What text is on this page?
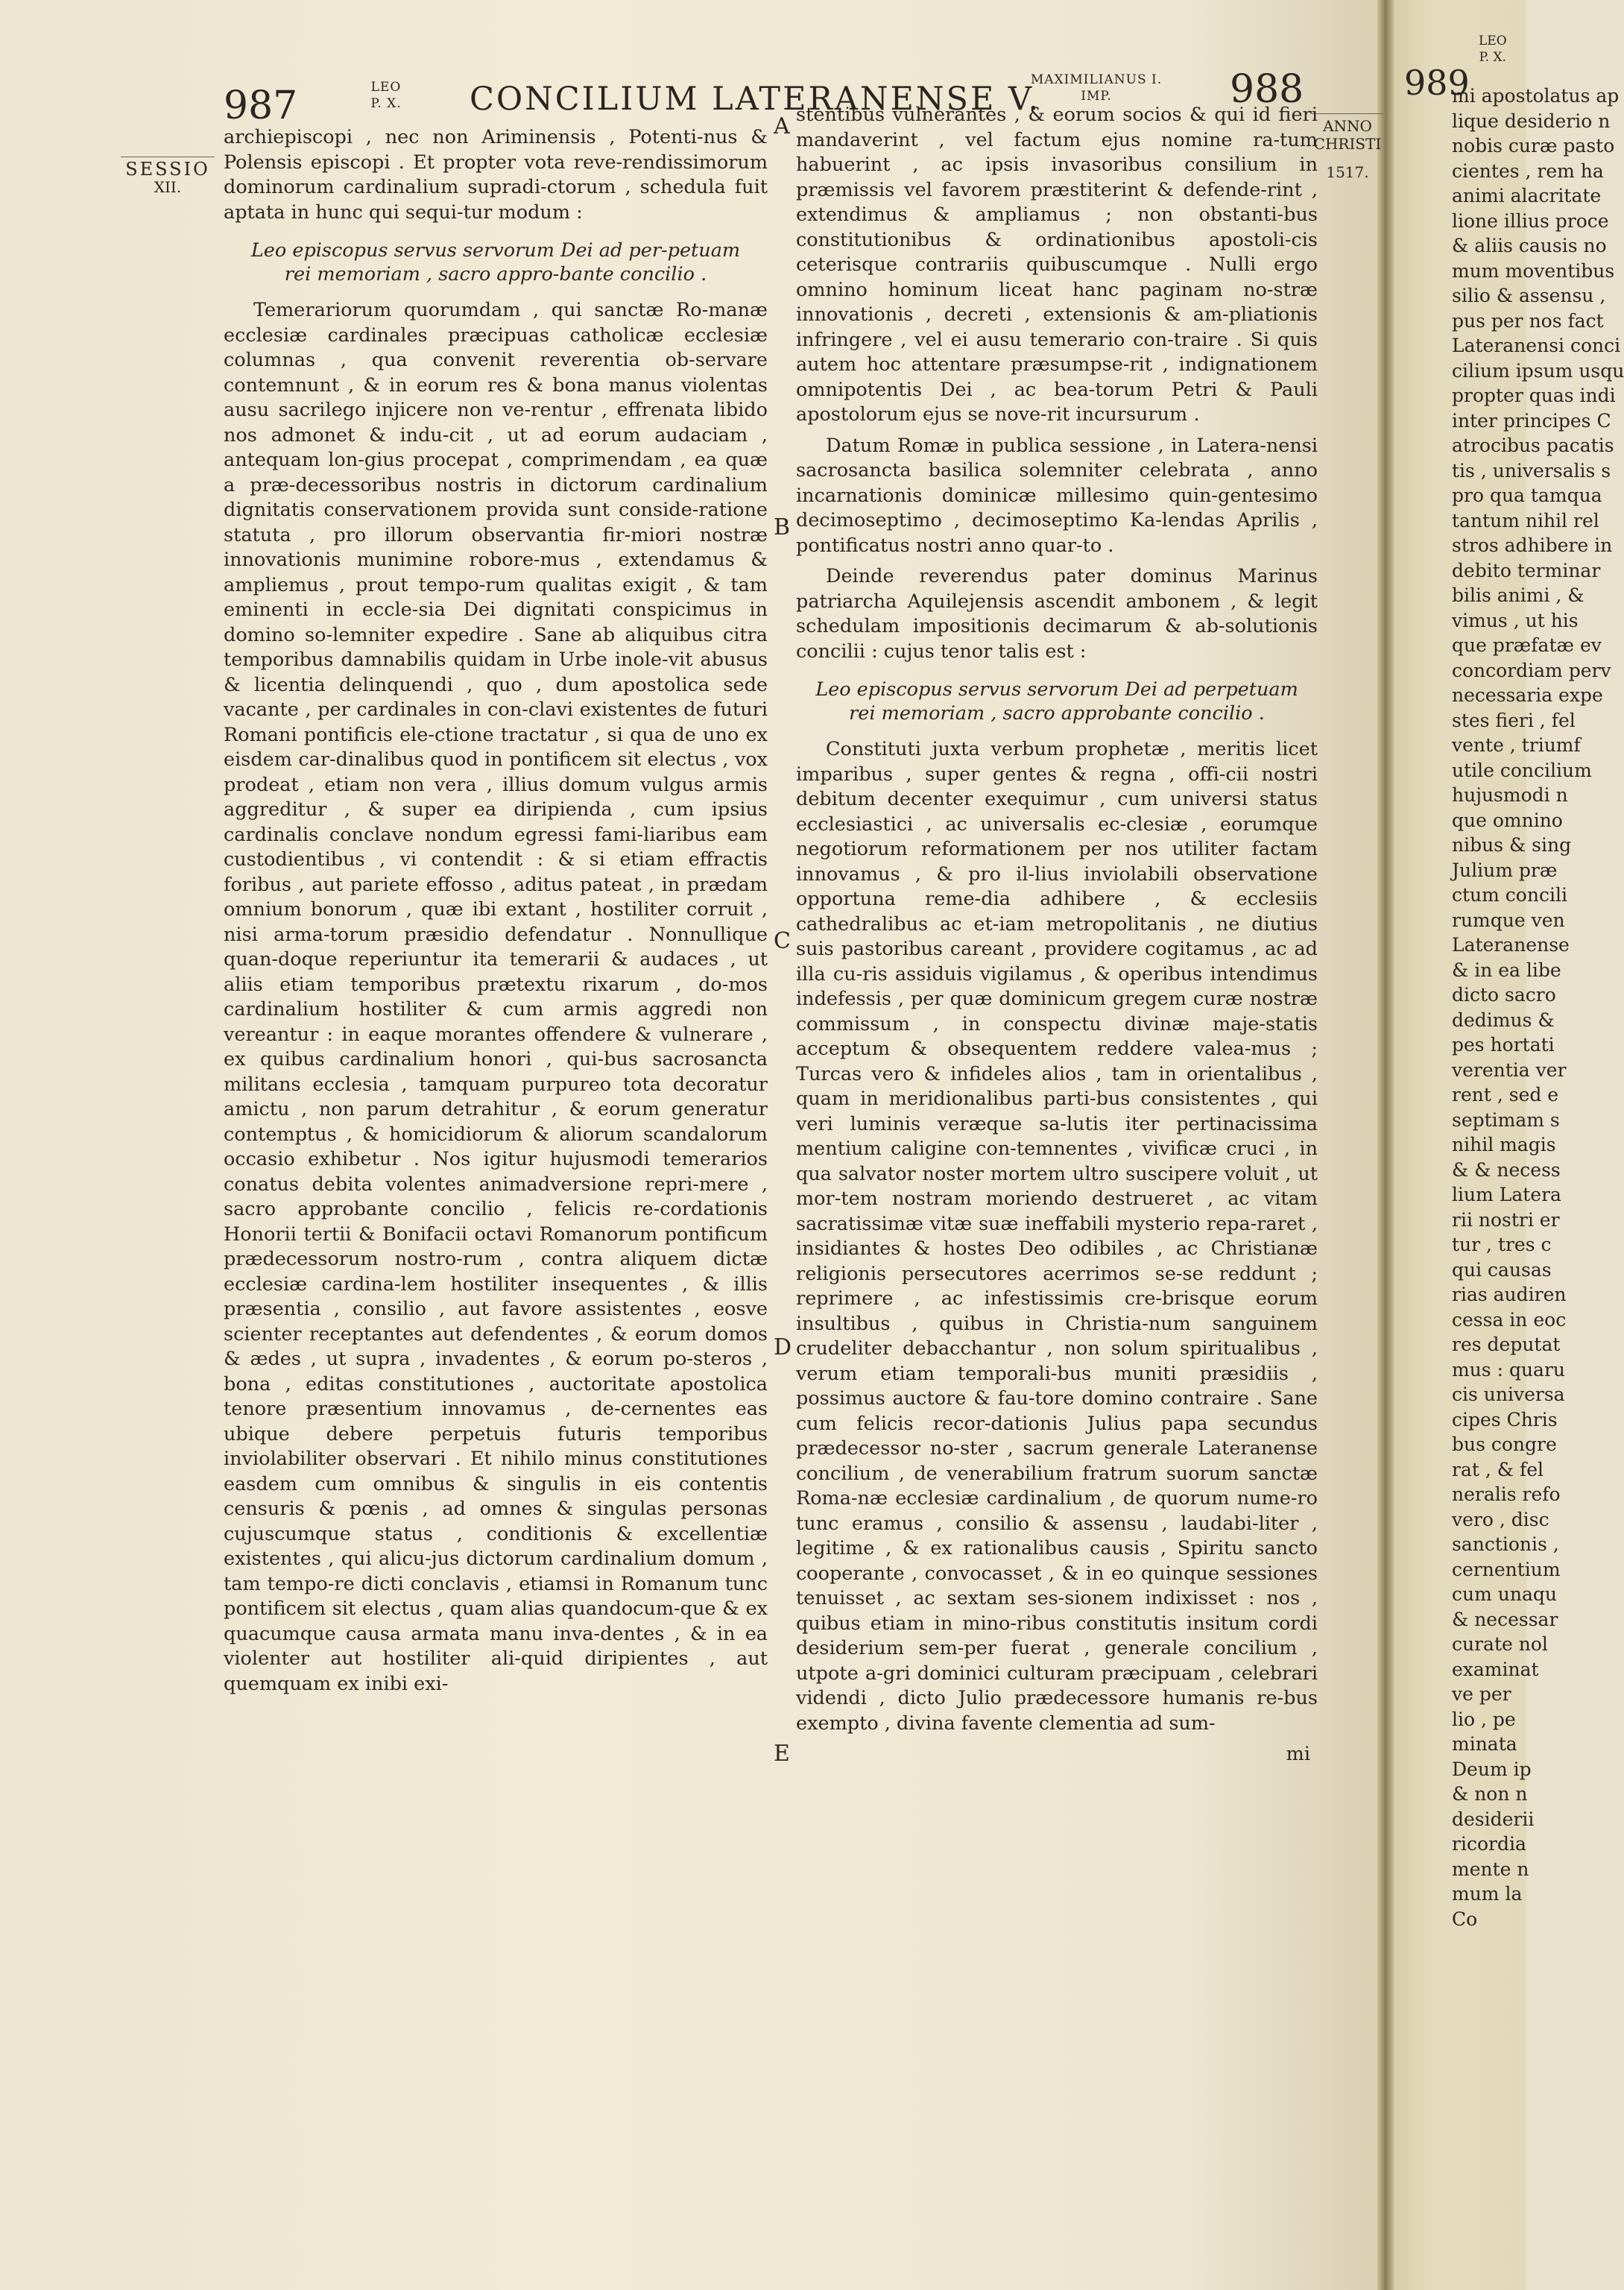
987	LEO
P. X. CONCILIUM LATERANENSE V.
MAXIMILIANUS I.
IMP.	988
SESSIO
XII.
ANNO
CHRISTI
1517.
A
B
C
D
E

archiepiscopi , nec non Ariminensis , Potenti-nus & Polensis episcopi . Et propter vota reve-rendissimorum dominorum cardinalium supradi-ctorum , schedula fuit aptata in hunc qui sequi-tur modum :

Leo episcopus servus servorum Dei ad per-petuam rei memoriam , sacro appro-bante concilio .

Temerariorum quorumdam , qui sanctæ Ro-manæ ecclesiæ cardinales præcipuas catholicæ ecclesiæ columnas , qua convenit reverentia ob-servare contemnunt , & in eorum res & bona manus violentas ausu sacrilego injicere non ve-rentur , effrenata libido nos admonet & indu-cit , ut ad eorum audaciam , antequam lon-gius procepat , comprimendam , ea quæ a præ-decessoribus nostris in dictorum cardinalium dignitatis conservationem provida sunt conside-ratione statuta , pro illorum observantia fir-miori nostræ innovationis munimine robore-mus , extendamus & ampliemus , prout tempo-rum qualitas exigit , & tam eminenti in eccle-sia Dei dignitati conspicimus in domino so-lemniter expedire . Sane ab aliquibus citra temporibus damnabilis quidam in Urbe inole-vit abusus & licentia delinquendi , quo , dum apostolica sede vacante , per cardinales in con-clavi existentes de futuri Romani pontificis ele-ctione tractatur , si qua de uno ex eisdem car-dinalibus quod in pontificem sit electus , vox prodeat , etiam non vera , illius domum vulgus armis aggreditur , & super ea diripienda , cum ipsius cardinalis conclave nondum egressi fami-liaribus eam custodientibus , vi contendit : & si etiam effractis foribus , aut pariete effosso , aditus pateat , in prædam omnium bonorum , quæ ibi extant , hostiliter corruit , nisi arma-torum præsidio defendatur . Nonnullique quan-doque reperiuntur ita temerarii & audaces , ut aliis etiam temporibus prætextu rixarum , do-mos cardinalium hostiliter & cum armis aggredi non vereantur : in eaque morantes offendere & vulnerare , ex quibus cardinalium honori , qui-bus sacrosancta militans ecclesia , tamquam purpureo tota decoratur amictu , non parum detrahitur , & eorum generatur contemptus , & homicidiorum & aliorum scandalorum occasio exhibetur . Nos igitur hujusmodi temerarios conatus debita volentes animadversione repri-mere , sacro approbante concilio , felicis re-cordationis Honorii tertii & Bonifacii octavi Romanorum pontificum prædecessorum nostro-rum , contra aliquem dictæ ecclesiæ cardina-lem hostiliter insequentes , & illis præsentia , consilio , aut favore assistentes , eosve scienter receptantes aut defendentes , & eorum domos & ædes , ut supra , invadentes , & eorum po-steros , bona , editas constitutiones , auctoritate apostolica tenore præsentium innovamus , de-cernentes eas ubique debere perpetuis futuris temporibus inviolabiliter observari . Et nihilo minus constitutiones easdem cum omnibus & singulis in eis contentis censuris & pœnis , ad omnes & singulas personas cujuscumque status , conditionis & excellentiæ existentes , qui alicu-jus dictorum cardinalium domum , tam tempo-re dicti conclavis , etiamsi in Romanum tunc pontificem sit electus , quam alias quandocum-que & ex quacumque causa armata manu inva-dentes , & in ea violenter aut hostiliter ali-quid diripientes , aut quemquam ex inibi exi-

stentibus vulnerantes , & eorum socios & qui id fieri mandaverint , vel factum ejus nomine ra-tum habuerint , ac ipsis invasoribus consilium in præmissis vel favorem præstiterint & defende-rint , extendimus & ampliamus ; non obstanti-bus constitutionibus & ordinationibus apostoli-cis ceterisque contrariis quibuscumque . Nulli ergo omnino hominum liceat hanc paginam no-stræ innovationis , decreti , extensionis & am-pliationis infringere , vel ei ausu temerario con-traire . Si quis autem hoc attentare præsumpse-rit , indignationem omnipotentis Dei , ac bea-torum Petri & Pauli apostolorum ejus se nove-rit incursurum .

Datum Romæ in publica sessione , in Latera-nensi sacrosancta basilica solemniter celebrata , anno incarnationis dominicæ millesimo quin-gentesimo decimoseptimo , decimoseptimo Ka-lendas Aprilis , pontificatus nostri anno quar-to .

Deinde reverendus pater dominus Marinus patriarcha Aquilejensis ascendit ambonem , & legit schedulam impositionis decimarum & ab-solutionis concilii : cujus tenor talis est :

Leo episcopus servus servorum Dei ad perpetuam rei memoriam , sacro approbante concilio .

Constituti juxta verbum prophetæ , meritis licet imparibus , super gentes & regna , offi-cii nostri debitum decenter exequimur , cum universi status ecclesiastici , ac universalis ec-clesiæ , eorumque negotiorum reformationem per nos utiliter factam innovamus , & pro il-lius inviolabili observatione opportuna reme-dia adhibere , & ecclesiis cathedralibus ac et-iam metropolitanis , ne diutius suis pastoribus careant , providere cogitamus , ac ad illa cu-ris assiduis vigilamus , & operibus intendimus indefessis , per quæ dominicum gregem curæ nostræ commissum , in conspectu divinæ maje-statis acceptum & obsequentem reddere valea-mus ; Turcas vero & infideles alios , tam in orientalibus , quam in meridionalibus parti-bus consistentes , qui veri luminis veræque sa-lutis iter pertinacissima mentium caligine con-temnentes , vivificæ cruci , in qua salvator noster mortem ultro suscipere voluit , ut mor-tem nostram moriendo destrueret , ac vitam sacratissimæ vitæ suæ ineffabili mysterio repa-raret , insidiantes & hostes Deo odibiles , ac Christianæ religionis persecutores acerrimos se-se reddunt ; reprimere , ac infestissimis cre-brisque eorum insultibus , quibus in Christia-num sanguinem crudeliter debacchantur , non solum spiritualibus , verum etiam temporali-bus muniti præsidiis , possimus auctore & fau-tore domino contraire . Sane cum felicis recor-dationis Julius papa secundus prædecessor no-ster , sacrum generale Lateranense concilium , de venerabilium fratrum suorum sanctæ Roma-næ ecclesiæ cardinalium , de quorum nume-ro tunc eramus , consilio & assensu , laudabi-liter , legitime , & ex rationalibus causis , Spiritu sancto cooperante , convocasset , & in eo quinque sessiones tenuisset , ac sextam ses-sionem indixisset : nos , quibus etiam in mino-ribus constitutis insitum cordi desiderium sem-per fuerat , generale concilium , utpote a-gri dominici culturam præcipuam , celebrari videndi , dicto Julio prædecessore humanis re-bus exempto , divina favente clementia ad sum-

mi

989
LEO
P. X.
mi apostolatus ap
lique desiderio n
nobis curæ pasto
cientes , rem ha
animi alacritate
lione illius proce
& aliis causis no
mum moventibus
silio & assensu ,
pus per nos fact
Lateranensi conci
cilium ipsum usqu
propter quas indi
inter principes C
atrocibus pacatis
tis , universalis s
pro qua tamqua
tantum nihil rel
stros adhibere in
debito terminar
bilis animi , &
vimus , ut his
que præfatæ ev
concordiam perv
necessaria expe
stes fieri , fel
vente , triumf
utile concilium
hujusmodi n
que omnino
nibus & sing
Julium præ
ctum concili
rumque ven
Lateranense
& in ea libe
dicto sacro
dedimus &
pes hortati
verentia ver
rent , sed e
septimam s
nihil magis
& & necess
lium Latera
rii nostri er
tur , tres c
qui causas
rias audiren
cessa in eoc
res deputat
mus : quaru
cis universa
cipes Chris
bus congre
rat , & fel
neralis refo
vero , disc
sanctionis ,
cernentium
cum unaqu
& necessar
curate nol
examinat
ve per
lio , pe
minata
Deum ip
& non n
desiderii
ricordia
mente n
mum la
Co
